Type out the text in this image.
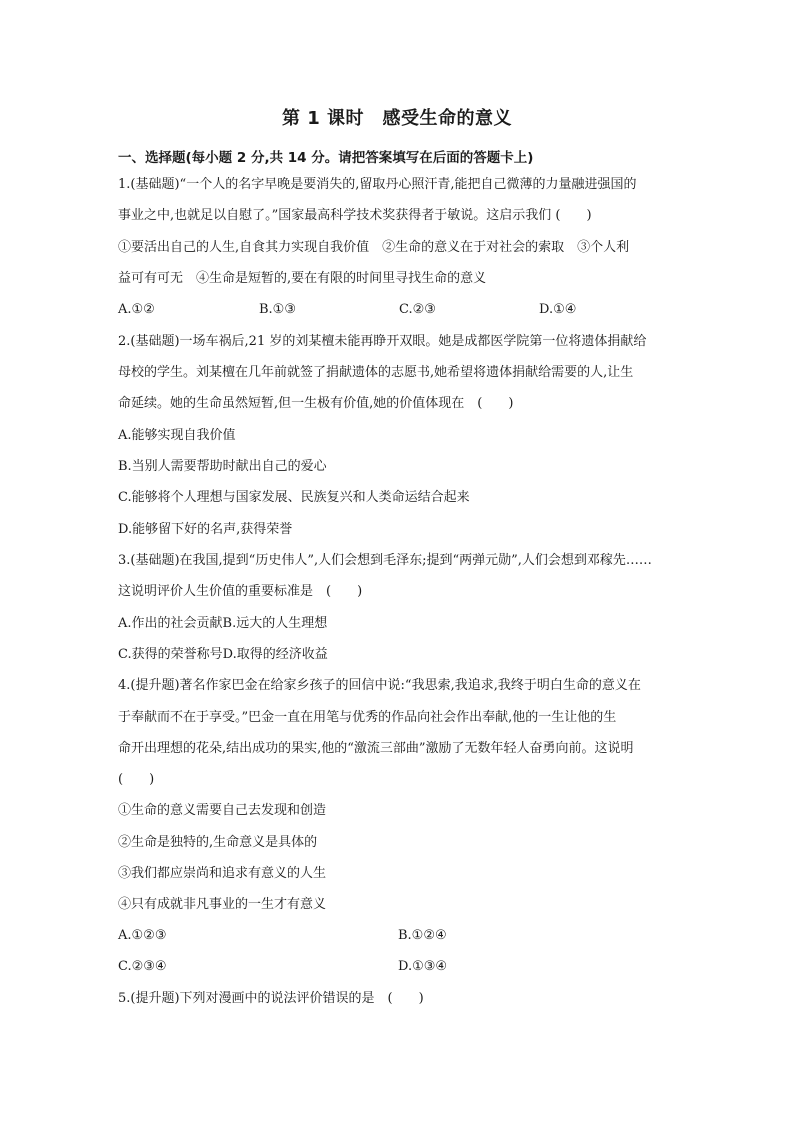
第 1 课时　感受生命的意义
一、选择题(每小题 2 分,共 14 分。请把答案填写在后面的答题卡上)
1.(基础题)“一个人的名字早晚是要消失的,留取丹心照汗青,能把自己微薄的力量融进强国的
事业之中,也就足以自慰了。”国家最高科学技术奖获得者于敏说。这启示我们 (　　)
①要活出自己的人生,自食其力实现自我价值　②生命的意义在于对社会的索取　③个人利
益可有可无　④生命是短暂的,要在有限的时间里寻找生命的意义
A.①②	B.①③	C.②③	D.①④
2.(基础题)一场车祸后,21 岁的刘某檀未能再睁开双眼。她是成都医学院第一位将遗体捐献给
母校的学生。刘某檀在几年前就签了捐献遗体的志愿书,她希望将遗体捐献给需要的人,让生
命延续。她的生命虽然短暂,但一生极有价值,她的价值体现在　(　　)
A.能够实现自我价值
B.当别人需要帮助时献出自己的爱心
C.能够将个人理想与国家发展、民族复兴和人类命运结合起来
D.能够留下好的名声,获得荣誉
3.(基础题)在我国,提到“历史伟人”,人们会想到毛泽东;提到“两弹元勋”,人们会想到邓稼先……
这说明评价人生价值的重要标准是　(　　)
A.作出的社会贡献B.远大的人生理想
C.获得的荣誉称号D.取得的经济收益
4.(提升题)著名作家巴金在给家乡孩子的回信中说:“我思索,我追求,我终于明白生命的意义在
于奉献而不在于享受。”巴金一直在用笔与优秀的作品向社会作出奉献,他的一生让他的生
命开出理想的花朵,结出成功的果实,他的“激流三部曲”激励了无数年轻人奋勇向前。这说明
(　　)
①生命的意义需要自己去发现和创造
②生命是独特的,生命意义是具体的
③我们都应崇尚和追求有意义的人生
④只有成就非凡事业的一生才有意义
A.①②③	B.①②④
C.②③④	D.①③④
5.(提升题)下列对漫画中的说法评价错误的是　(　　)
